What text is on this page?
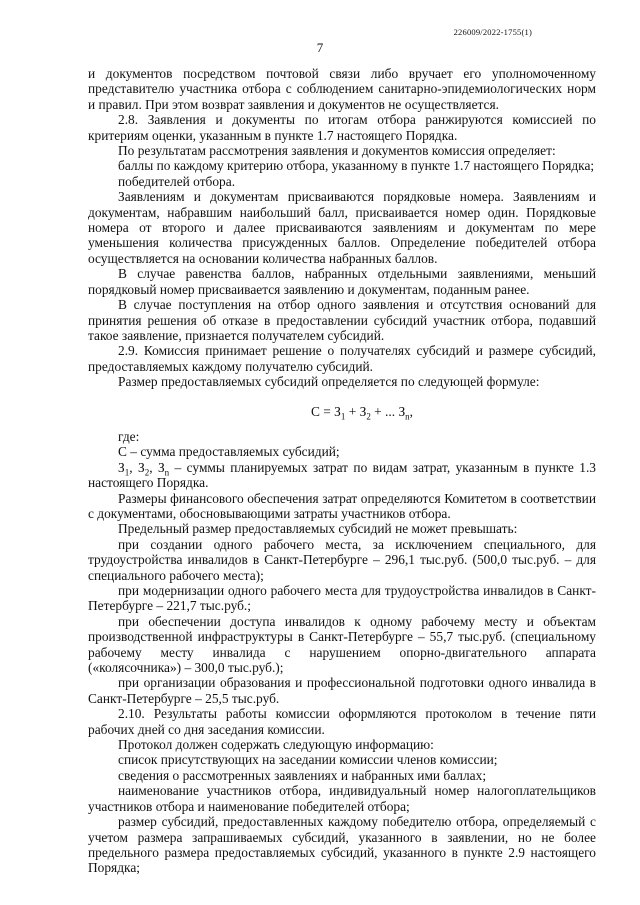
226009/2022-1755(1)
7

и документов посредством почтовой связи либо вручает его уполномоченному представителю участника отбора с соблюдением санитарно-эпидемиологических норм и правил. При этом возврат заявления и документов не осуществляется.

2.8. Заявления и документы по итогам отбора ранжируются комиссией по критериям оценки, указанным в пункте 1.7 настоящего Порядка.

По результатам рассмотрения заявления и документов комиссия определяет:

баллы по каждому критерию отбора, указанному в пункте 1.7 настоящего Порядка;

победителей отбора.

Заявлениям и документам присваиваются порядковые номера. Заявлениям и документам, набравшим наибольший балл, присваивается номер один. Порядковые номера от второго и далее присваиваются заявлениям и документам по мере уменьшения количества присужденных баллов. Определение победителей отбора осуществляется на основании количества набранных баллов.

В случае равенства баллов, набранных отдельными заявлениями, меньший порядковый номер присваивается заявлению и документам, поданным ранее.

В случае поступления на отбор одного заявления и отсутствия оснований для принятия решения об отказе в предоставлении субсидий участник отбора, подавший такое заявление, признается получателем субсидий.

2.9. Комиссия принимает решение о получателях субсидий и размере субсидий, предоставляемых каждому получателю субсидий.

Размер предоставляемых субсидий определяется по следующей формуле:

$С = З_1 + З_2$ + ... $З_n$,

где:

С – сумма предоставляемых субсидий;

$З_1$, $З_2$, $З_n$ – суммы планируемых затрат по видам затрат, указанным в пункте 1.3 настоящего Порядка.

Размеры финансового обеспечения затрат определяются Комитетом в соответствии с документами, обосновывающими затраты участников отбора.

Предельный размер предоставляемых субсидий не может превышать:

при создании одного рабочего места, за исключением специального, для трудоустройства инвалидов в Санкт-Петербурге – 296,1 тыс.руб. (500,0 тыс.руб. – для специального рабочего места);

при модернизации одного рабочего места для трудоустройства инвалидов в Санкт-Петербурге – 221,7 тыс.руб.;

при обеспечении доступа инвалидов к одному рабочему месту и объектам производственной инфраструктуры в Санкт-Петербурге – 55,7 тыс.руб. (специальному рабочему месту инвалида с нарушением опорно-двигательного аппарата («колясочника») – 300,0 тыс.руб.);

при организации образования и профессиональной подготовки одного инвалида в Санкт-Петербурге – 25,5 тыс.руб.

2.10. Результаты работы комиссии оформляются протоколом в течение пяти рабочих дней со дня заседания комиссии.

Протокол должен содержать следующую информацию:

список присутствующих на заседании комиссии членов комиссии;

сведения о рассмотренных заявлениях и набранных ими баллах;

наименование участников отбора, индивидуальный номер налогоплательщиков участников отбора и наименование победителей отбора;

размер субсидий, предоставленных каждому победителю отбора, определяемый с учетом размера запрашиваемых субсидий, указанного в заявлении, но не более предельного размера предоставляемых субсидий, указанного в пункте 2.9 настоящего Порядка;
